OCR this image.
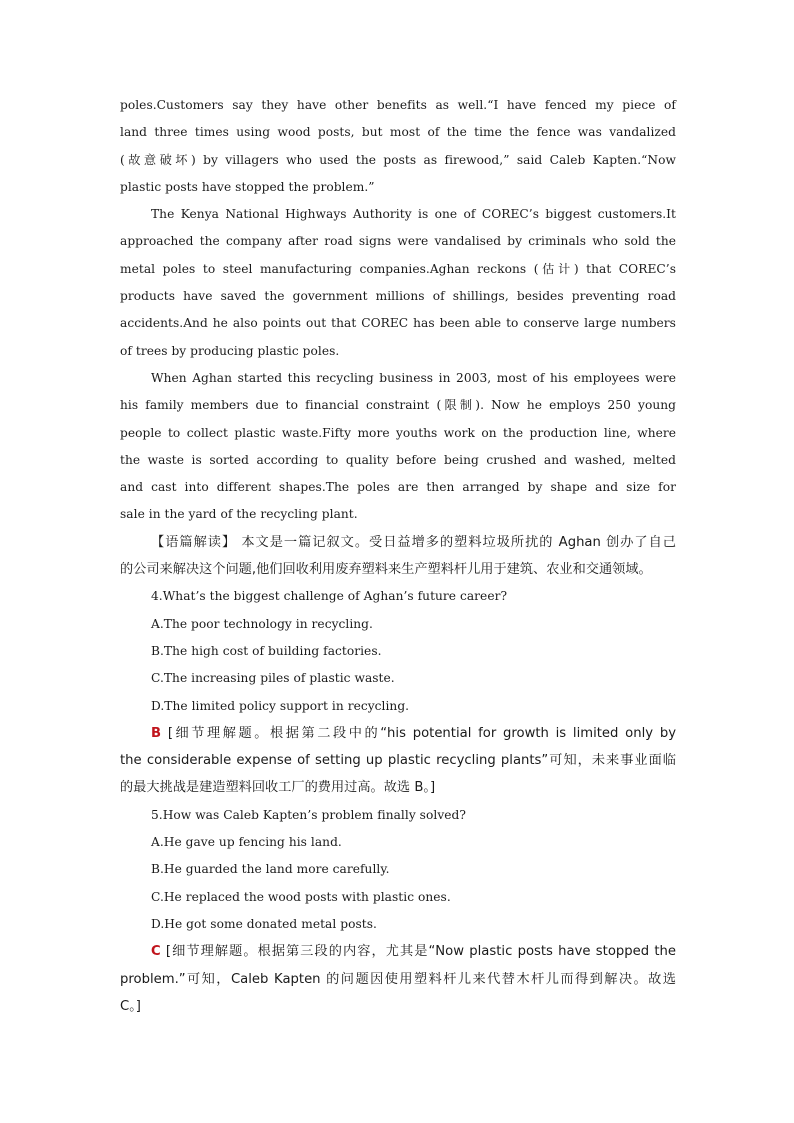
poles.Customers say they have other benefits as well.“I have fenced my piece of
land three times using wood posts, but most of the time the fence was vandalized
(故意破坏) by villagers who used the posts as firewood,” said Caleb Kapten.“Now
plastic posts have stopped the problem.”
The Kenya National Highways Authority is one of COREC’s biggest customers.It
approached the company after road signs were vandalised by criminals who sold the
metal poles to steel manufacturing companies.Aghan reckons (估计) that COREC’s
products have saved the government millions of shillings, besides preventing road
accidents.And he also points out that COREC has been able to conserve large numbers
of trees by producing plastic poles.
When Aghan started this recycling business in 2003, most of his employees were
his family members due to financial constraint (限制). Now he employs 250 young
people to collect plastic waste.Fifty more youths work on the production line, where
the waste is sorted according to quality before being crushed and washed, melted
and cast into different shapes.The poles are then arranged by shape and size for
sale in the yard of the recycling plant.
【语篇解读】 本文是一篇记叙文。受日益增多的塑料垃圾所扰的 Aghan 创办了自己
的公司来解决这个问题,他们回收利用废弃塑料来生产塑料杆儿用于建筑、农业和交通领域。
4.What’s the biggest challenge of Aghan’s future career?
A.The poor technology in recycling.
B.The high cost of building factories.
C.The increasing piles of plastic waste.
D.The limited policy support in recycling.
B [细节理解题。根据第二段中的“his potential for growth is limited only by
the considerable expense of setting up plastic recycling plants”可知，未来事业面临
的最大挑战是建造塑料回收工厂的费用过高。故选 B。]
5.How was Caleb Kapten’s problem finally solved?
A.He gave up fencing his land.
B.He guarded the land more carefully.
C.He replaced the wood posts with plastic ones.
D.He got some donated metal posts.
C [细节理解题。根据第三段的内容，尤其是“Now plastic posts have stopped the
problem.”可知，Caleb Kapten 的问题因使用塑料杆儿来代替木杆儿而得到解决。故选
C。]
